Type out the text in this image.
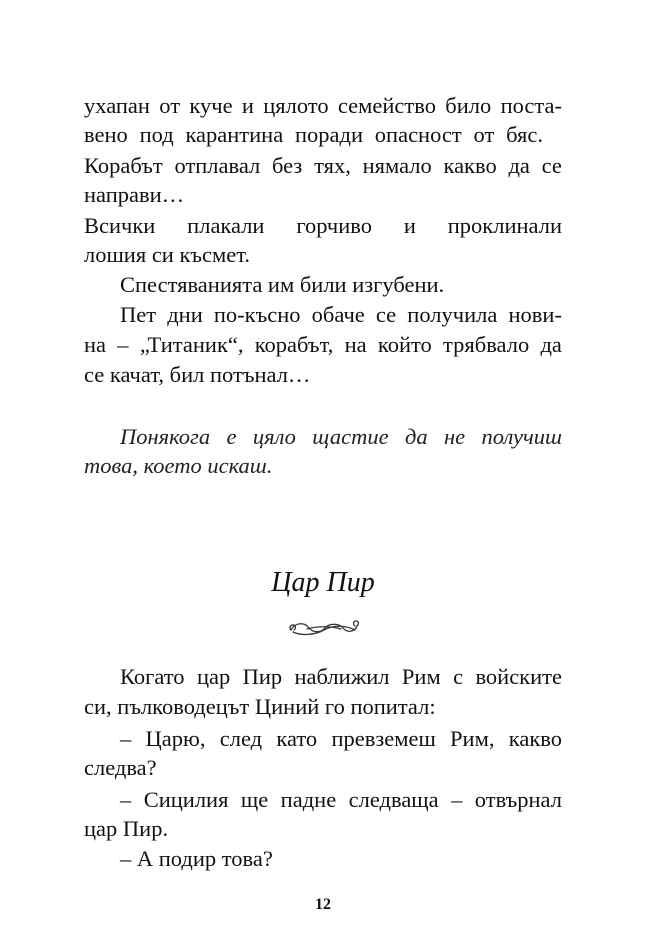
ухапан от куче и цялото семейство било поста-
вено под карантина поради опасност от бяс.
Корабът отплавал без тях, нямало какво да се
направи…
Всички плакали горчиво и проклинали
лошия си късмет.
Спестяванията им били изгубени.
Пет дни по-късно обаче се получила нови-
на – „Титаник“, корабът, на който трябвало да
се качат, бил потънал…
Понякога е цяло щастие да не получиш
това, което искаш.
Цар Пир
Когато цар Пир наближил Рим с войските
си, пълководецът Циний го попитал:
– Царю, след като превземеш Рим, какво
следва?
– Сицилия ще падне следваща – отвърнал
цар Пир.
– А подир това?
12
